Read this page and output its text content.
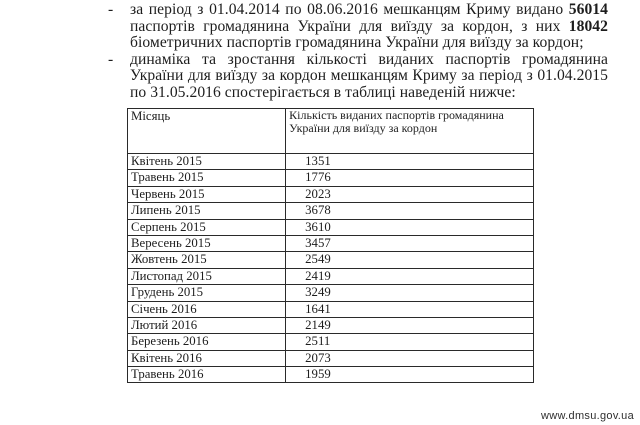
- за період з 01.04.2014 по 08.06.2016 мешканцям Криму видано 56014 паспортів громадянина України для виїзду за кордон, з них 18042 біометричних паспортів громадянина України для виїзду за кордон;
- динаміка та зростання кількості виданих паспортів громадянина України для виїзду за кордон мешканцям Криму за період з 01.04.2015 по 31.05.2016 спостерігається в таблиці наведеній нижче:
Місяць	Кількість виданих паспортів громадянина України для виїзду за кордон
Квітень 2015	1351
Травень 2015	1776
Червень 2015	2023
Липень 2015	3678
Серпень 2015	3610
Вересень 2015	3457
Жовтень 2015	2549
Листопад 2015	2419
Грудень 2015	3249
Січень 2016	1641
Лютий 2016	2149
Березень 2016	2511
Квітень 2016	2073
Травень 2016	1959
www.dmsu.gov.ua
